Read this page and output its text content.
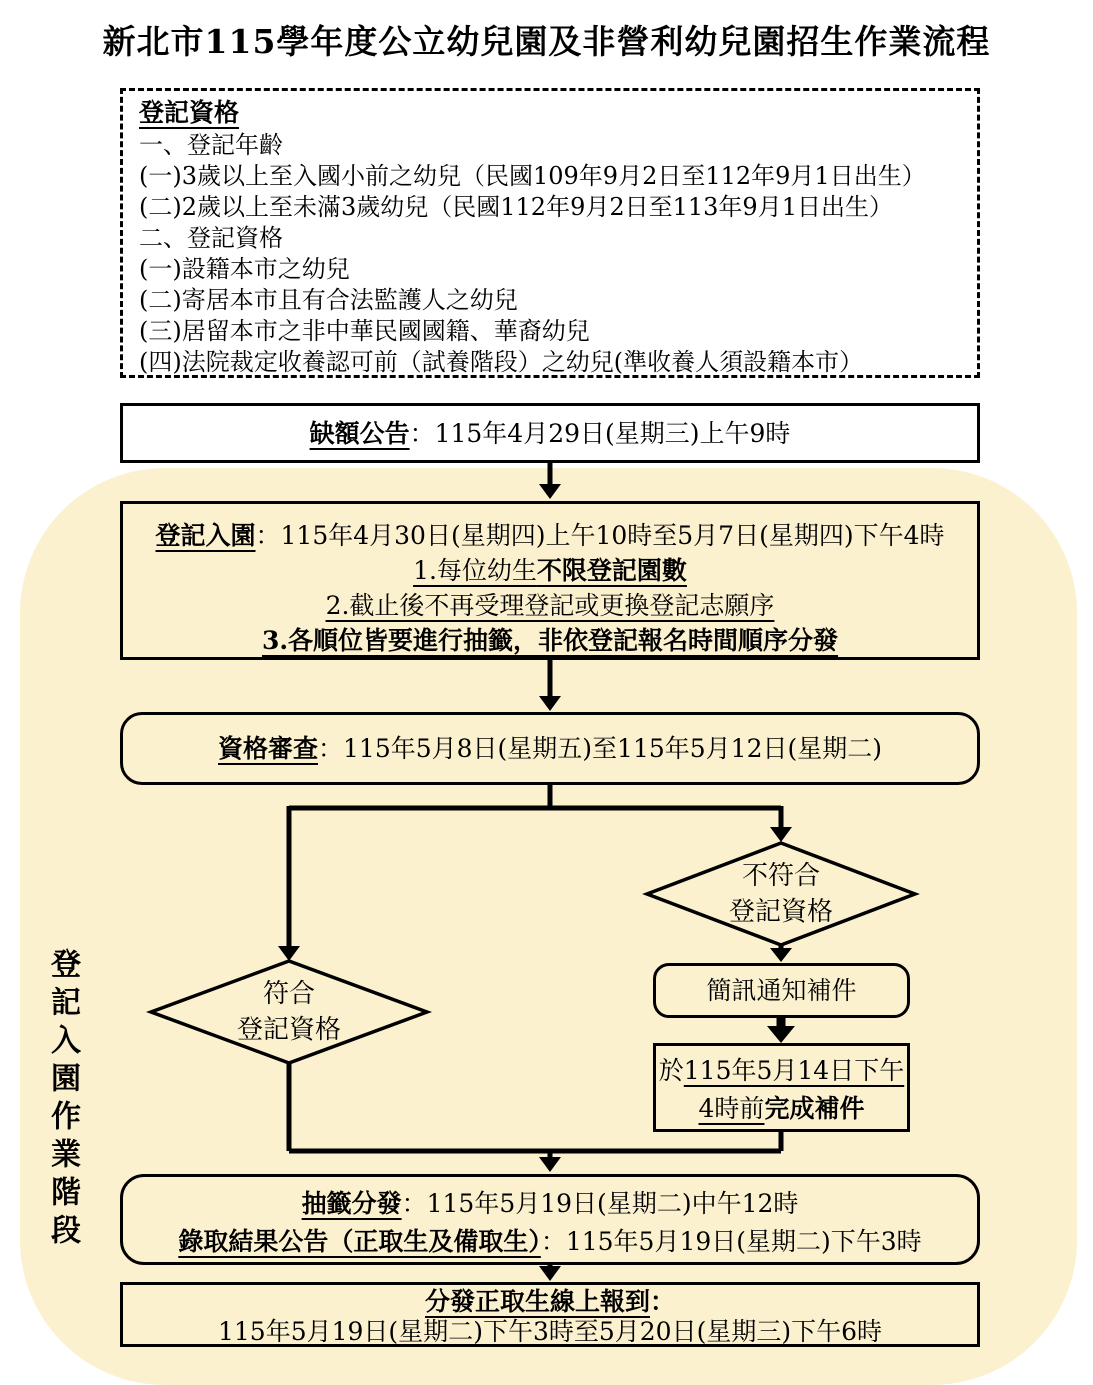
新北市115學年度公立幼兒園及非營利幼兒園招生作業流程
登記入園作業階段
登記資格
一、登記年齡
(一)3歲以上至入國小前之幼兒（民國109年9月2日至112年9月1日出生）
(二)2歲以上至未滿3歲幼兒（民國112年9月2日至113年9月1日出生）
二、登記資格
(一)設籍本市之幼兒
(二)寄居本市且有合法監護人之幼兒
(三)居留本市之非中華民國國籍、華裔幼兒
(四)法院裁定收養認可前（試養階段）之幼兒(準收養人須設籍本市）
缺額公告：115年4月29日(星期三)上午9時
登記入園：115年4月30日(星期四)上午10時至5月7日(星期四)下午4時
1.每位幼生不限登記園數
2.截止後不再受理登記或更換登記志願序
3.各順位皆要進行抽籤，非依登記報名時間順序分發
資格審查：115年5月8日(星期五)至115年5月12日(星期二)
不符合
登記資格
符合
登記資格
簡訊通知補件
於115年5月14日下午
4時前完成補件
抽籤分發：115年5月19日(星期二)中午12時
錄取結果公告（正取生及備取生）：115年5月19日(星期二)下午3時
分發正取生線上報到：
115年5月19日(星期二)下午3時至5月20日(星期三)下午6時
